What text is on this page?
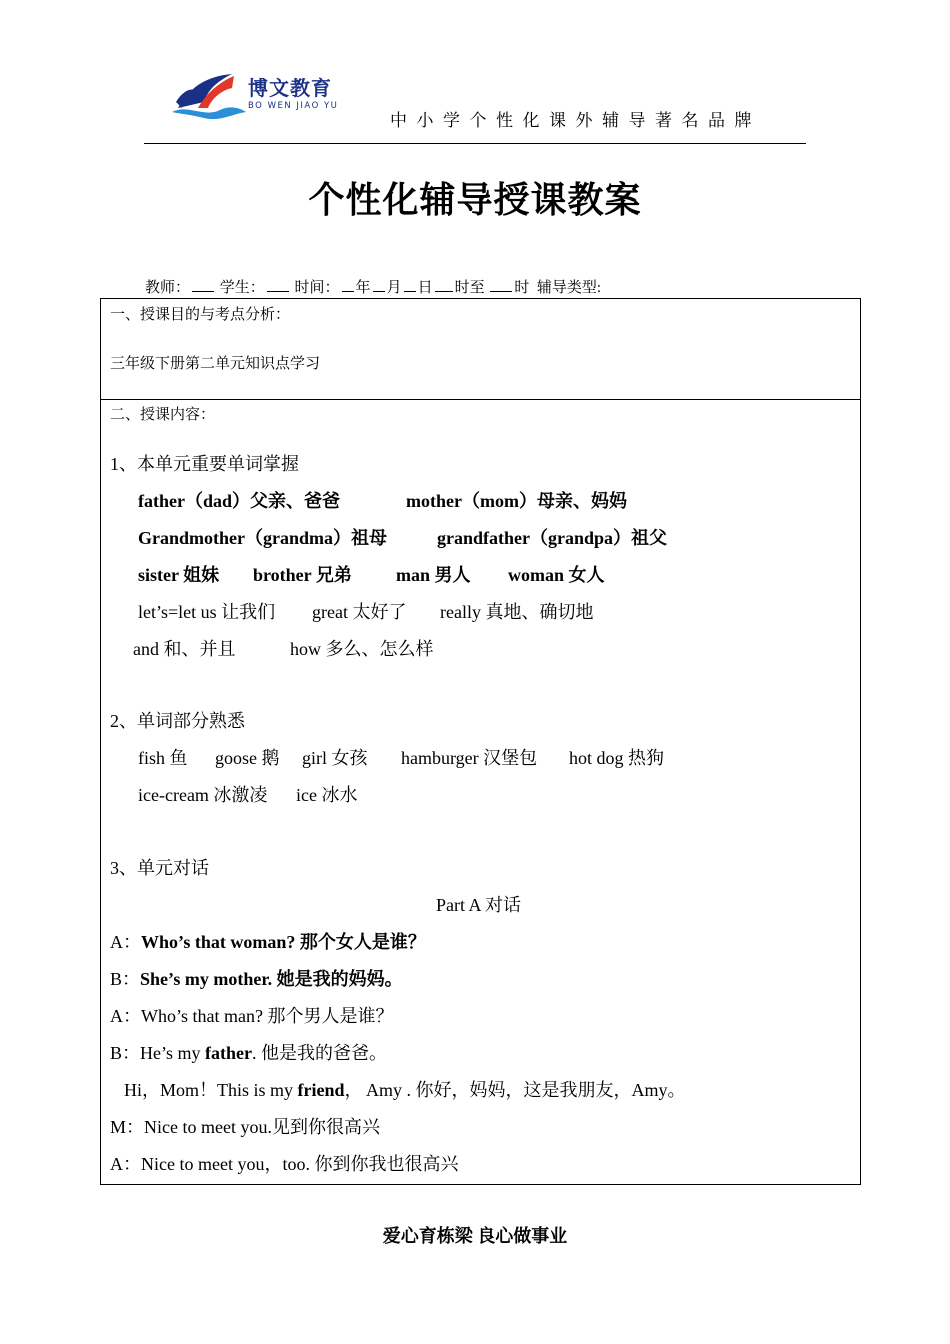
博文教育
BO WEN JIAO YU
中小学个性化课外辅导著名品牌
个性化辅导授课教案
教师： 学生： 时间： 年 月 日 时至 时 辅导类型:
一、授课目的与考点分析：
三年级下册第二单元知识点学习
二、授课内容：
1、本单元重要单词掌握
father（dad）父亲、爸爸	mother（mom）母亲、妈妈
Grandmother（grandma）祖母	grandfather（grandpa）祖父
sister 姐妹 brother 兄弟 man 男人 woman 女人
let’s=let us 让我们 great 太好了 really 真地、确切地
and 和、并且	how 多么、怎么样
2、单词部分熟悉
fish 鱼 goose 鹅 girl 女孩 hamburger 汉堡包 hot dog 热狗
ice-cream 冰激凌 ice 冰水
3、单元对话
Part A 对话
A：Who’s that woman? 那个女人是谁？
B：She’s my mother. 她是我的妈妈。
A：Who’s that man? 那个男人是谁？
B：He’s my father. 他是我的爸爸。
Hi，Mom！This is my friend， Amy . 你好，妈妈，这是我朋友，Amy。
M：Nice to meet you.见到你很高兴
A：Nice to meet you，too. 你到你我也很高兴
爱心育栋梁 良心做事业
